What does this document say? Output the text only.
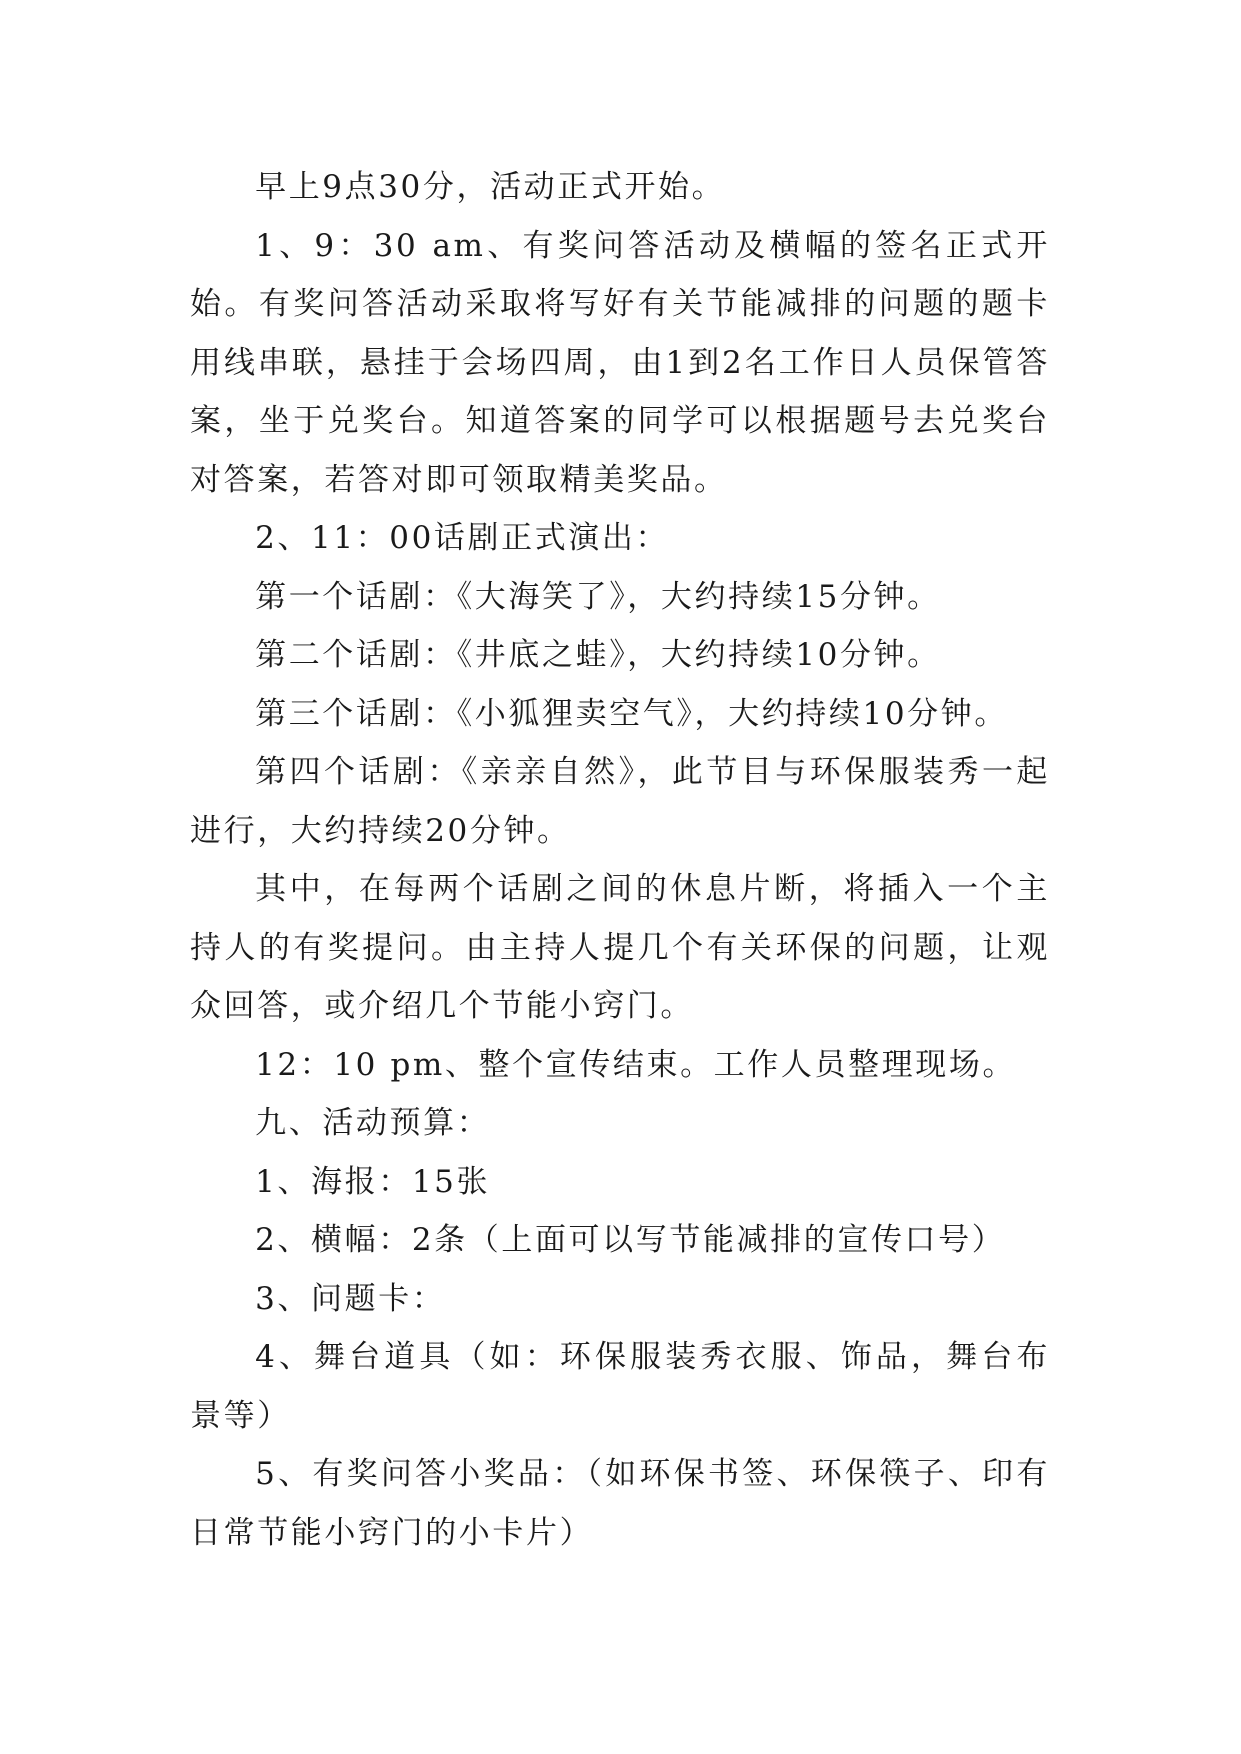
早上9点30分，活动正式开始。

1、9：30 am、有奖问答活动及横幅的签名正式开始。有奖问答活动采取将写好有关节能减排的问题的题卡用线串联，悬挂于会场四周，由1到2名工作日人员保管答案，坐于兑奖台。知道答案的同学可以根据题号去兑奖台对答案，若答对即可领取精美奖品。

2、11：00话剧正式演出：

第一个话剧：《大海笑了》，大约持续15分钟。

第二个话剧：《井底之蛙》，大约持续10分钟。

第三个话剧：《小狐狸卖空气》，大约持续10分钟。

第四个话剧：《亲亲自然》，此节目与环保服装秀一起进行，大约持续20分钟。

其中，在每两个话剧之间的休息片断，将插入一个主持人的有奖提问。由主持人提几个有关环保的问题，让观众回答，或介绍几个节能小窍门。

12：10 pm、整个宣传结束。工作人员整理现场。

九、活动预算：

1、海报：15张

2、横幅：2条（上面可以写节能减排的宣传口号）

3、问题卡：

4、舞台道具（如：环保服装秀衣服、饰品，舞台布景等）

5、有奖问答小奖品：（如环保书签、环保筷子、印有日常节能小窍门的小卡片）
